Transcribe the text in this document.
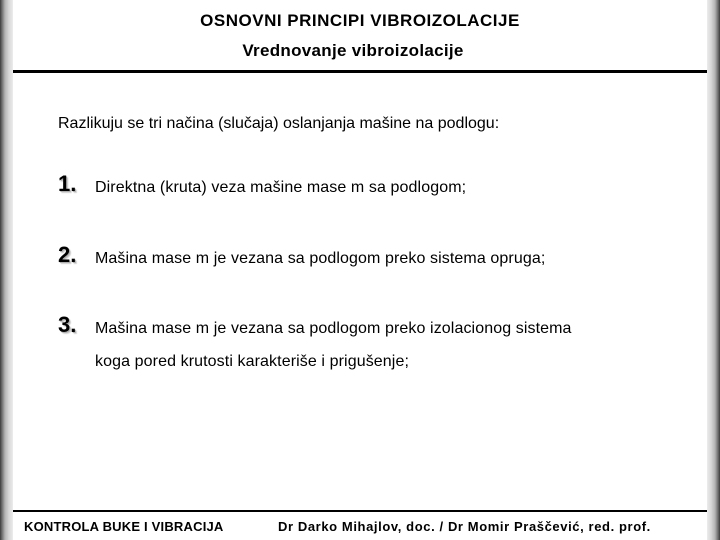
OSNOVNI PRINCIPI VIBROIZOLACIJE
Vrednovanje vibroizolacije
Razlikuju se tri načina (slučaja) oslanjanja mašine na podlogu:
1. Direktna (kruta) veza mašine mase m sa podlogom;
2. Mašina mase m je vezana sa podlogom preko sistema opruga;
3. Mašina mase m je vezana sa podlogom preko izolacionog sistema
koga pored krutosti karakteriše i prigušenje;
KONTROLA BUKE I VIBRACIJA	Dr Darko Mihajlov, doc. / Dr Momir Praščević, red. prof.
